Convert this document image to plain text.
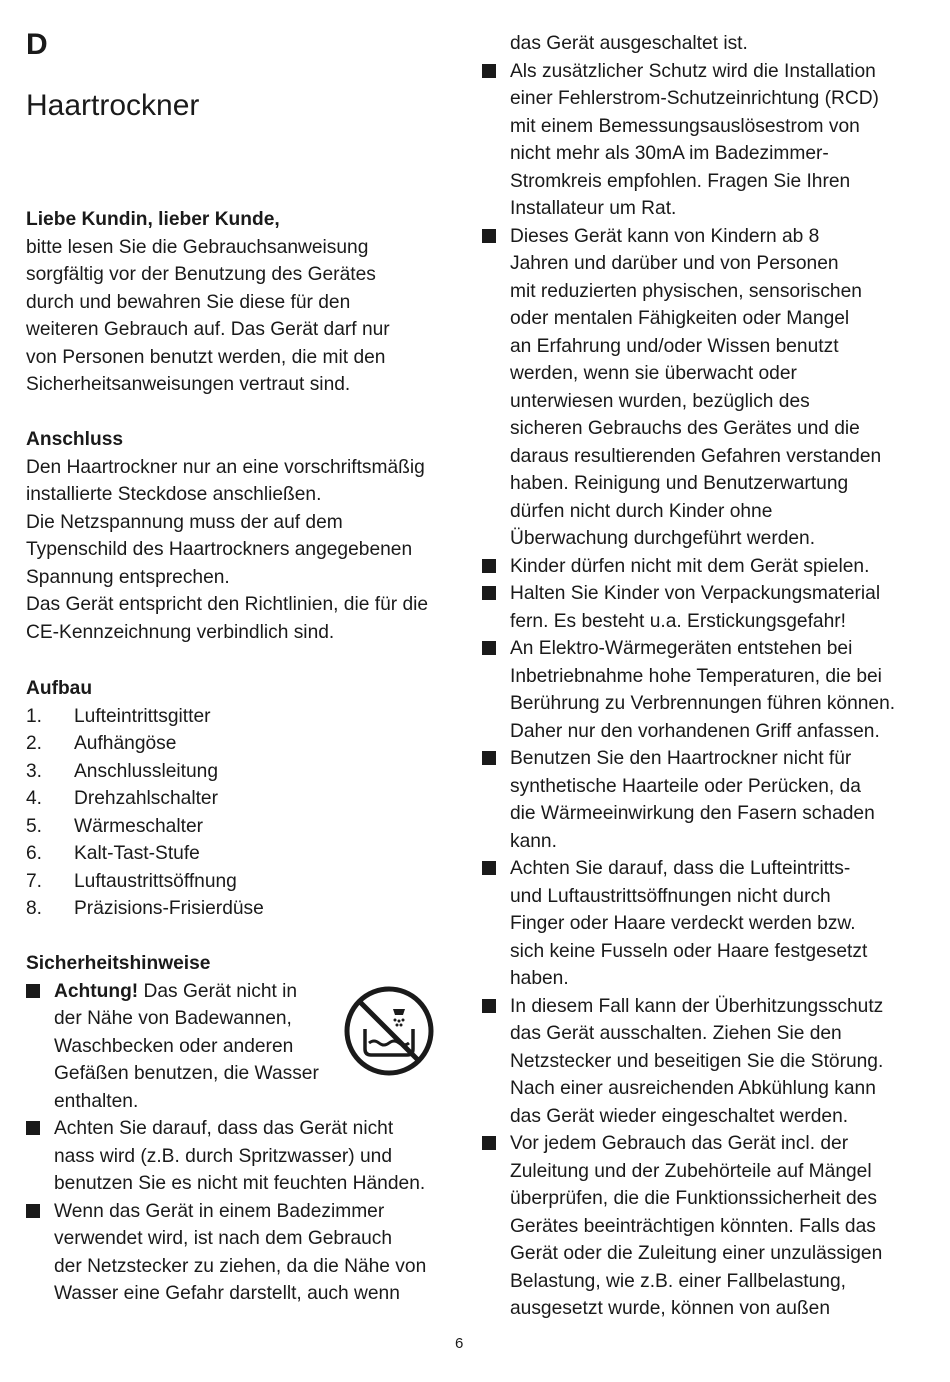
D
Haartrockner
Liebe Kundin, lieber Kunde,
bitte lesen Sie die Gebrauchsanweisung
sorgfältig vor der Benutzung des Gerätes
durch und bewahren Sie diese für den
weiteren Gebrauch auf. Das Gerät darf nur
von Personen benutzt werden, die mit den
Sicherheitsanweisungen vertraut sind.
Anschluss
Den Haartrockner nur an eine vorschriftsmäßig
installierte Steckdose anschließen.
Die Netzspannung muss der auf dem
Typenschild des Haartrockners angegebenen
Spannung entsprechen.
Das Gerät entspricht den Richtlinien, die für die
CE-Kennzeichnung verbindlich sind.
Aufbau
1.	Lufteintrittsgitter
2.	Aufhängöse
3.	Anschlussleitung
4.	Drehzahlschalter
5.	Wärmeschalter
6.	Kalt-Tast-Stufe
7.	Luftaustrittsöffnung
8.	Präzisions-Frisierdüse
Sicherheitshinweise
Achtung! Das Gerät nicht in
der Nähe von Badewannen,
Waschbecken oder anderen
Gefäßen benutzen, die Wasser
enthalten.
Achten Sie darauf, dass das Gerät nicht
nass wird (z.B. durch Spritzwasser) und
benutzen Sie es nicht mit feuchten Händen.
Wenn das Gerät in einem Badezimmer
verwendet wird, ist nach dem Gebrauch
der Netzstecker zu ziehen, da die Nähe von
Wasser eine Gefahr darstellt, auch wenn
das Gerät ausgeschaltet ist.
Als zusätzlicher Schutz wird die Installation
einer Fehlerstrom-Schutzeinrichtung (RCD)
mit einem Bemessungsauslösestrom von
nicht mehr als 30mA im Badezimmer-
Stromkreis empfohlen. Fragen Sie Ihren
Installateur um Rat.
Dieses Gerät kann von Kindern ab 8
Jahren und darüber und von Personen
mit reduzierten physischen, sensorischen
oder mentalen Fähigkeiten oder Mangel
an Erfahrung und/oder Wissen benutzt
werden, wenn sie überwacht oder
unterwiesen wurden, bezüglich des
sicheren Gebrauchs des Gerätes und die
daraus resultierenden Gefahren verstanden
haben. Reinigung und Benutzerwartung
dürfen nicht durch Kinder ohne
Überwachung durchgeführt werden.
Kinder dürfen nicht mit dem Gerät spielen.
Halten Sie Kinder von Verpackungsmaterial
fern. Es besteht u.a. Erstickungsgefahr!
An Elektro-Wärmegeräten entstehen bei
Inbetriebnahme hohe Temperaturen, die bei
Berührung zu Verbrennungen führen können.
Daher nur den vorhandenen Griff anfassen.
Benutzen Sie den Haartrockner nicht für
synthetische Haarteile oder Perücken, da
die Wärmeeinwirkung den Fasern schaden
kann.
Achten Sie darauf, dass die Lufteintritts-
und Luftaustrittsöffnungen nicht durch
Finger oder Haare verdeckt werden bzw.
sich keine Fusseln oder Haare festgesetzt
haben.
In diesem Fall kann der Überhitzungsschutz
das Gerät ausschalten. Ziehen Sie den
Netzstecker und beseitigen Sie die Störung.
Nach einer ausreichenden Abkühlung kann
das Gerät wieder eingeschaltet werden.
Vor jedem Gebrauch das Gerät incl. der
Zuleitung und der Zubehörteile auf Mängel
überprüfen, die die Funktionssicherheit des
Gerätes beeinträchtigen könnten. Falls das
Gerät oder die Zuleitung einer unzulässigen
Belastung, wie z.B. einer Fallbelastung,
ausgesetzt wurde, können von außen
6
